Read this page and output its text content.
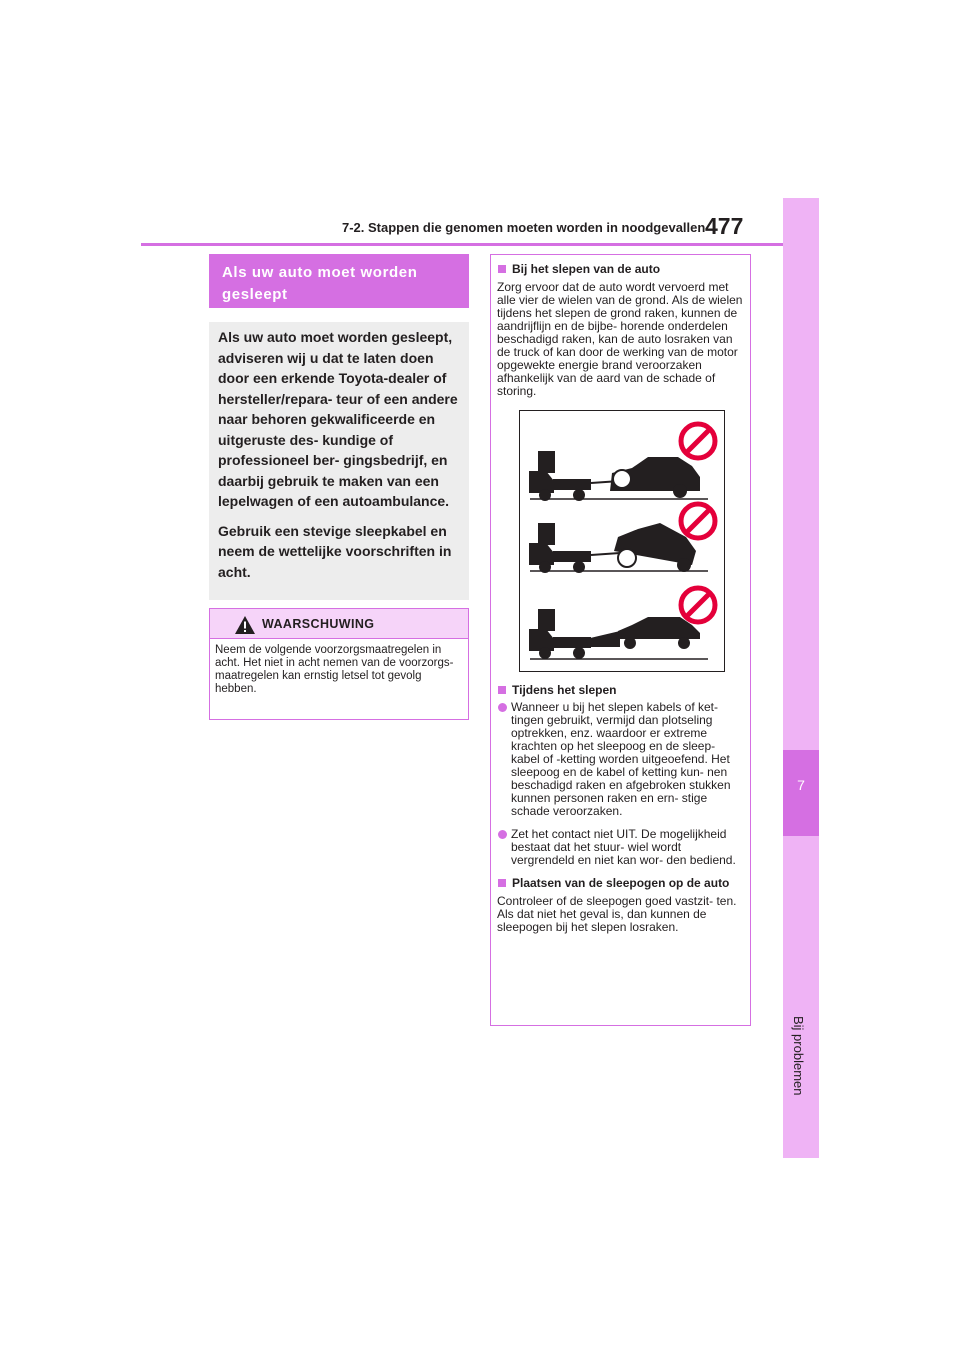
7
Bij problemen
7-2. Stappen die genomen moeten worden in noodgevallen 477
Als uw auto moet worden
gesleept

Als uw auto moet worden gesleept, adviseren wij u dat te laten doen door een erkende Toyota-dealer of hersteller/repara- teur of een andere naar behoren gekwalificeerde en uitgeruste des- kundige of professioneel ber- gingsbedrijf, en daarbij gebruik te maken van een lepelwagen of een autoambulance.

Gebruik een stevige sleepkabel en neem de wettelijke voorschriften in acht.

WAARSCHUWING
Neem de volgende voorzorgsmaatregelen in acht. Het niet in acht nemen van de voorzorgs- maatregelen kan ernstig letsel tot gevolg hebben.
Bij het slepen van de auto

Zorg ervoor dat de auto wordt vervoerd met alle vier de wielen van de grond. Als de wielen tijdens het slepen de grond raken, kunnen de aandrijflijn en de bijbe- horende onderdelen beschadigd raken, kan de auto losraken van de truck of kan door de werking van de motor opgewekte energie brand veroorzaken afhankelijk van de aard van de schade of storing.

Tijdens het slepen
Wanneer u bij het slepen kabels of ket- tingen gebruikt, vermijd dan plotseling optrekken, enz. waardoor er extreme krachten op het sleepoog en de sleep- kabel of -ketting worden uitgeoefend. Het sleepoog en de kabel of ketting kun- nen beschadigd raken en afgebroken stukken kunnen personen raken en ern- stige schade veroorzaken.
Zet het contact niet UIT. De mogelijkheid bestaat dat het stuur- wiel wordt vergrendeld en niet kan wor- den bediend.
Plaatsen van de sleepogen op de auto

Controleer of de sleepogen goed vastzit- ten. Als dat niet het geval is, dan kunnen de sleepogen bij het slepen losraken.
